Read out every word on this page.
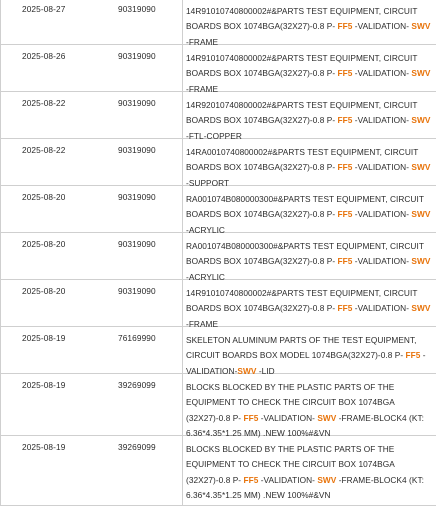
2025-08-27	90319090	14R91010740800002#&PARTS TEST EQUIPMENT, CIRCUIT BOARDS BOX 1074BGA(32X27)-0.8 P- FF5 -VALIDATION- SWV -FRAME
2025-08-26	90319090	14R91010740800002#&PARTS TEST EQUIPMENT, CIRCUIT BOARDS BOX 1074BGA(32X27)-0.8 P- FF5 -VALIDATION- SWV -FRAME
2025-08-22	90319090	14R92010740800002#&PARTS TEST EQUIPMENT, CIRCUIT BOARDS BOX 1074BGA(32X27)-0.8 P- FF5 -VALIDATION- SWV -FTL-COPPER
2025-08-22	90319090	14RA0010740800002#&PARTS TEST EQUIPMENT, CIRCUIT BOARDS BOX 1074BGA(32X27)-0.8 P- FF5 -VALIDATION- SWV -SUPPORT
2025-08-20	90319090	RA001074B080000300#&PARTS TEST EQUIPMENT, CIRCUIT BOARDS BOX 1074BGA(32X27)-0.8 P- FF5 -VALIDATION- SWV -ACRYLIC
2025-08-20	90319090	RA001074B080000300#&PARTS TEST EQUIPMENT, CIRCUIT BOARDS BOX 1074BGA(32X27)-0.8 P- FF5 -VALIDATION- SWV -ACRYLIC
2025-08-20	90319090	14R91010740800002#&PARTS TEST EQUIPMENT, CIRCUIT BOARDS BOX 1074BGA(32X27)-0.8 P- FF5 -VALIDATION- SWV -FRAME
2025-08-19	76169990	SKELETON ALUMINUM PARTS OF THE TEST EQUIPMENT, CIRCUIT BOARDS BOX MODEL 1074BGA(32X27)-0.8 P- FF5 -VALIDATION-SWV -LID
2025-08-19	39269099	BLOCKS BLOCKED BY THE PLASTIC PARTS OF THE EQUIPMENT TO CHECK THE CIRCUIT BOX 1074BGA (32X27)-0.8 P- FF5 -VALIDATION- SWV -FRAME-BLOCK4 (KT: 6.36*4.35*1.25 MM) .NEW 100%#&VN
2025-08-19	39269099	BLOCKS BLOCKED BY THE PLASTIC PARTS OF THE EQUIPMENT TO CHECK THE CIRCUIT BOX 1074BGA (32X27)-0.8 P- FF5 -VALIDATION- SWV -FRAME-BLOCK4 (KT: 6.36*4.35*1.25 MM) .NEW 100%#&VN
